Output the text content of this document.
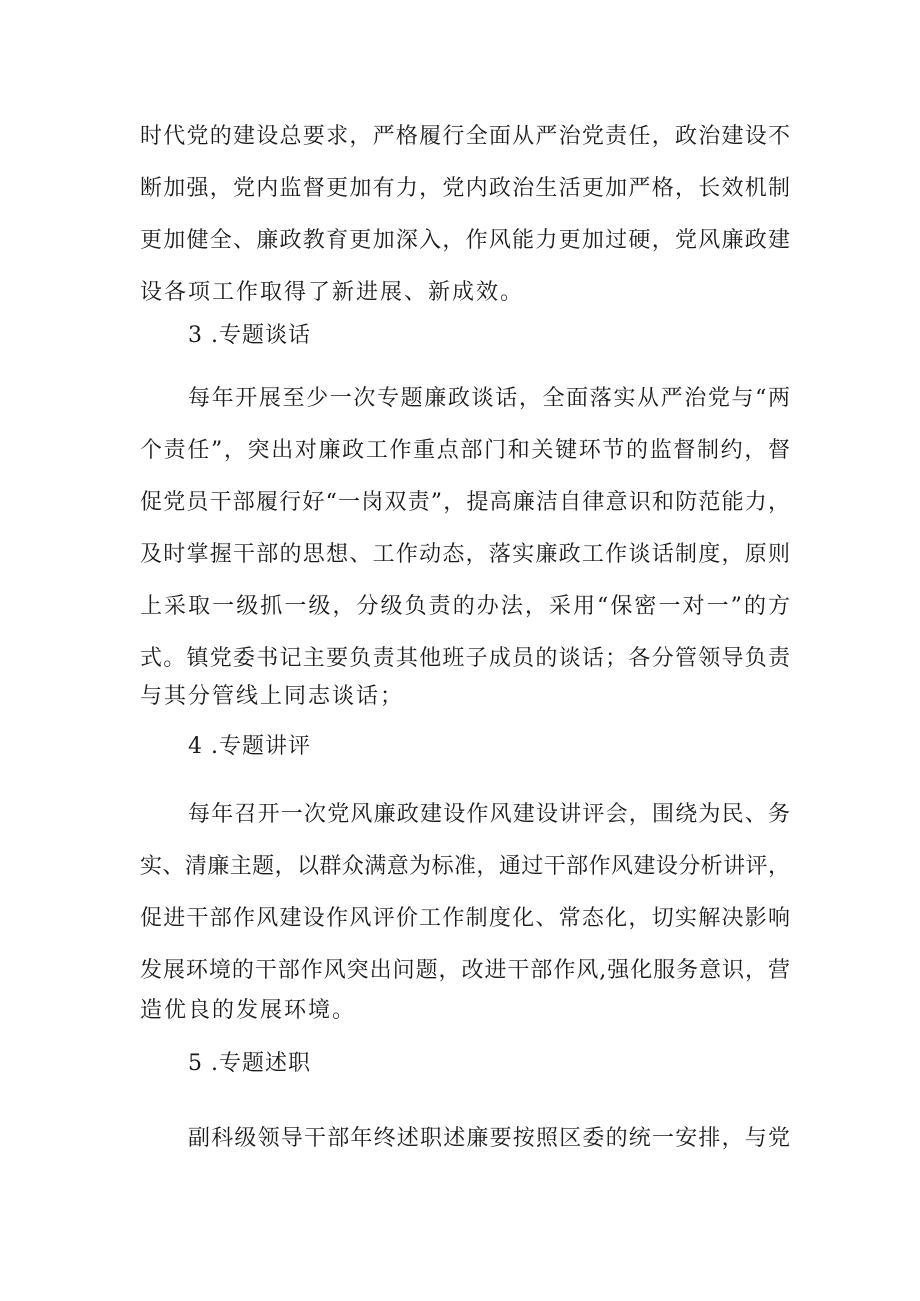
时代党的建设总要求，严格履行全面从严治党责任，政治建设不

断加强，党内监督更加有力，党内政治生活更加严格，长效机制

更加健全、廉政教育更加深入，作风能力更加过硬，党风廉政建

设各项工作取得了新进展、新成效。

3 .专题谈话

每年开展至少一次专题廉政谈话，全面落实从严治党与“两

个责任”，突出对廉政工作重点部门和关键环节的监督制约，督

促党员干部履行好“一岗双责”，提高廉洁自律意识和防范能力，

及时掌握干部的思想、工作动态，落实廉政工作谈话制度，原则

上采取一级抓一级，分级负责的办法，采用“保密一对一”的方

式。镇党委书记主要负责其他班子成员的谈话；各分管领导负责

与其分管线上同志谈话；

4 .专题讲评

每年召开一次党风廉政建设作风建设讲评会，围绕为民、务

实、清廉主题，以群众满意为标准，通过干部作风建设分析讲评，

促进干部作风建设作风评价工作制度化、常态化，切实解决影响

发展环境的干部作风突出问题，改进干部作风,强化服务意识，营

造优良的发展环境。

5 .专题述职

副科级领导干部年终述职述廉要按照区委的统一安排，与党
